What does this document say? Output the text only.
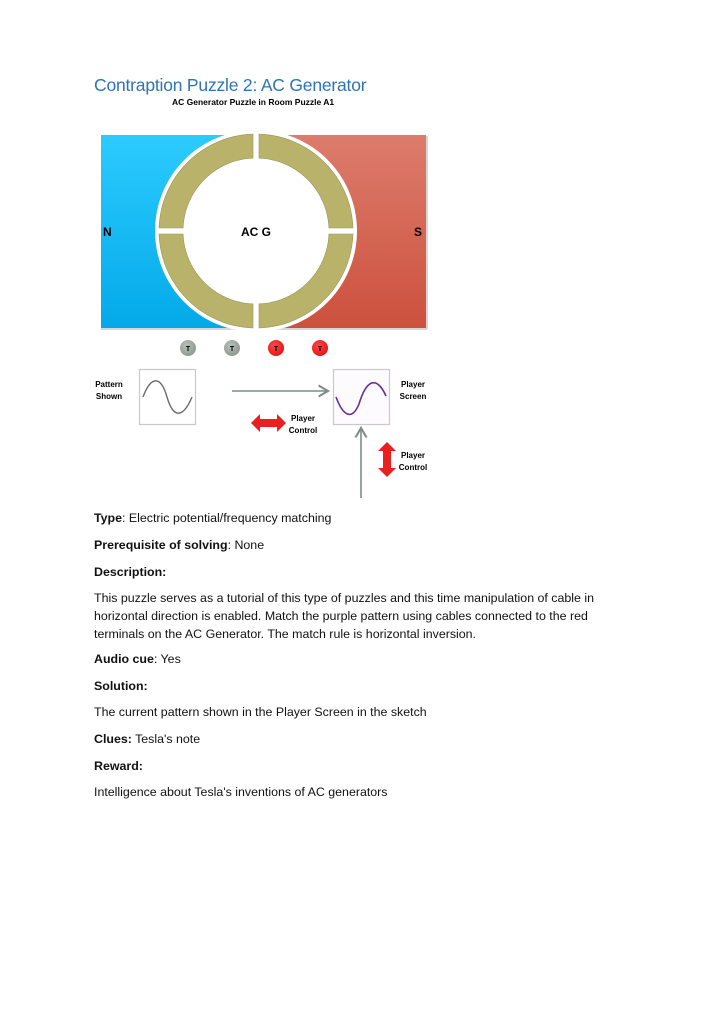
Contraption Puzzle 2: AC Generator
AC Generator Puzzle in Room Puzzle A1
N	S
AC G
T	T	T	T
Pattern
Shown
Player
Screen
Player
Control
Player
Control
Type: Electric potential/frequency matching
Prerequisite of solving: None
Description:
This puzzle serves as a tutorial of this type of puzzles and this time manipulation of cable in horizontal direction is enabled. Match the purple pattern using cables connected to the red terminals on the AC Generator. The match rule is horizontal inversion.
Audio cue: Yes
Solution:
The current pattern shown in the Player Screen in the sketch
Clues: Tesla's note
Reward:
Intelligence about Tesla's inventions of AC generators
